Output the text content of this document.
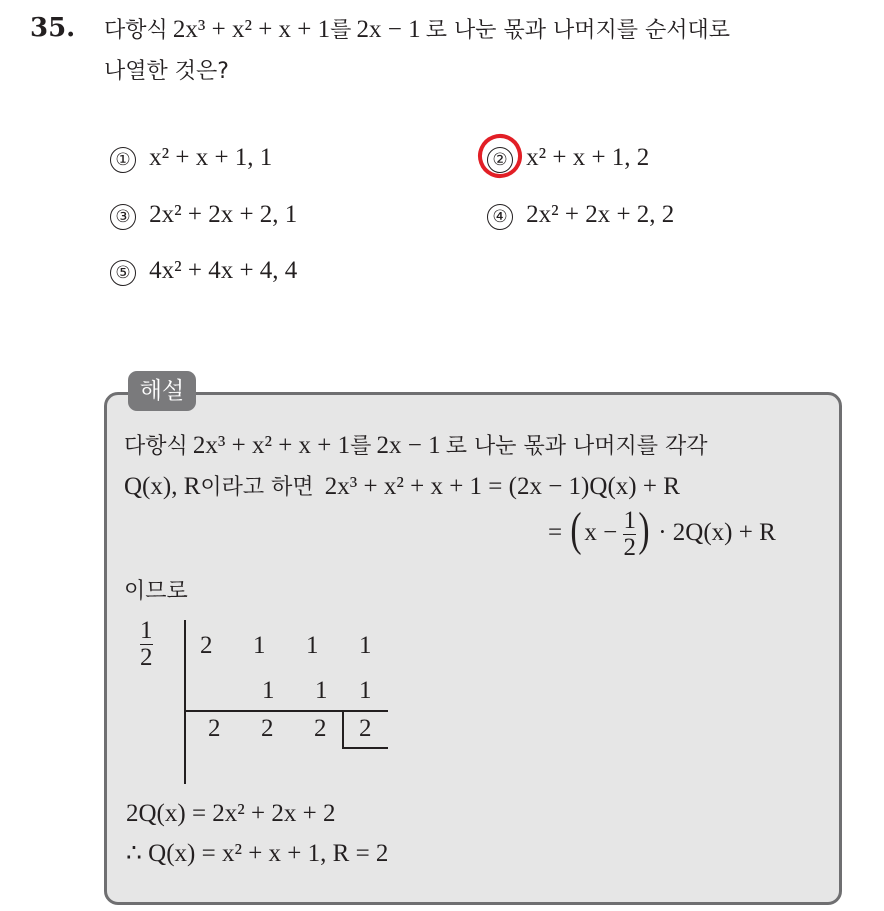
35. 다항식 2x³ + x² + x + 1를 2x − 1 로 나눈 몫과 나머지를 순서대로
나열한 것은?
① x² + x + 1, 1	② x² + x + 1, 2
③ 2x² + 2x + 2, 1	④ 2x² + 2x + 2, 2
⑤ 4x² + 4x + 4, 4
해설
다항식 2x³ + x² + x + 1를 2x − 1 로 나눈 몫과 나머지를 각각
Q(x), R이라고 하면 2x³ + x² + x + 1 = (2x − 1)Q(x) + R
= ($x - \frac{1}{2}$ ) · 2Q(x) + R
이므로
$\frac{1}{2} 2$ 1 1 1
1 1 1
2 2 2 2
2Q(x) = 2x² + 2x + 2
∴ Q(x) = x² + x + 1, R = 2
